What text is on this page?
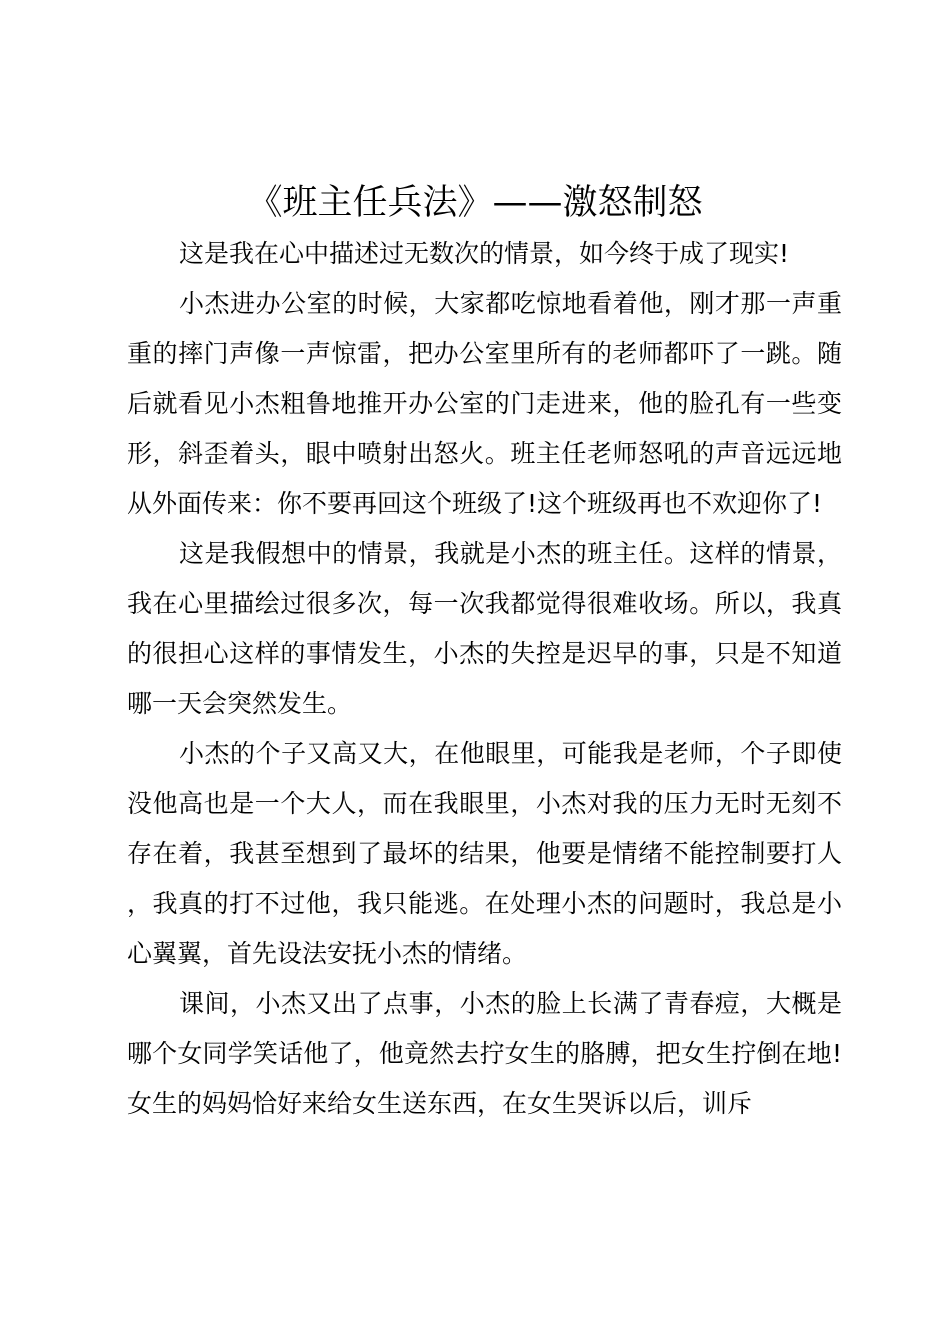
《班主任兵法》——激怒制怒

这是我在心中描述过无数次的情景，如今终于成了现实!

小杰进办公室的时候，大家都吃惊地看着他，刚才那一声重重的摔门声像一声惊雷，把办公室里所有的老师都吓了一跳。随后就看见小杰粗鲁地推开办公室的门走进来，他的脸孔有一些变形，斜歪着头，眼中喷射出怒火。班主任老师怒吼的声音远远地从外面传来：你不要再回这个班级了!这个班级再也不欢迎你了!

这是我假想中的情景，我就是小杰的班主任。这样的情景，我在心里描绘过很多次，每一次我都觉得很难收场。所以，我真的很担心这样的事情发生，小杰的失控是迟早的事，只是不知道哪一天会突然发生。

小杰的个子又高又大，在他眼里，可能我是老师，个子即使没他高也是一个大人，而在我眼里，小杰对我的压力无时无刻不存在着，我甚至想到了最坏的结果，他要是情绪不能控制要打人，我真的打不过他，我只能逃。在处理小杰的问题时，我总是小心翼翼，首先设法安抚小杰的情绪。

课间，小杰又出了点事，小杰的脸上长满了青春痘，大概是哪个女同学笑话他了，他竟然去拧女生的胳膊，把女生拧倒在地!女生的妈妈恰好来给女生送东西，在女生哭诉以后，训斥
